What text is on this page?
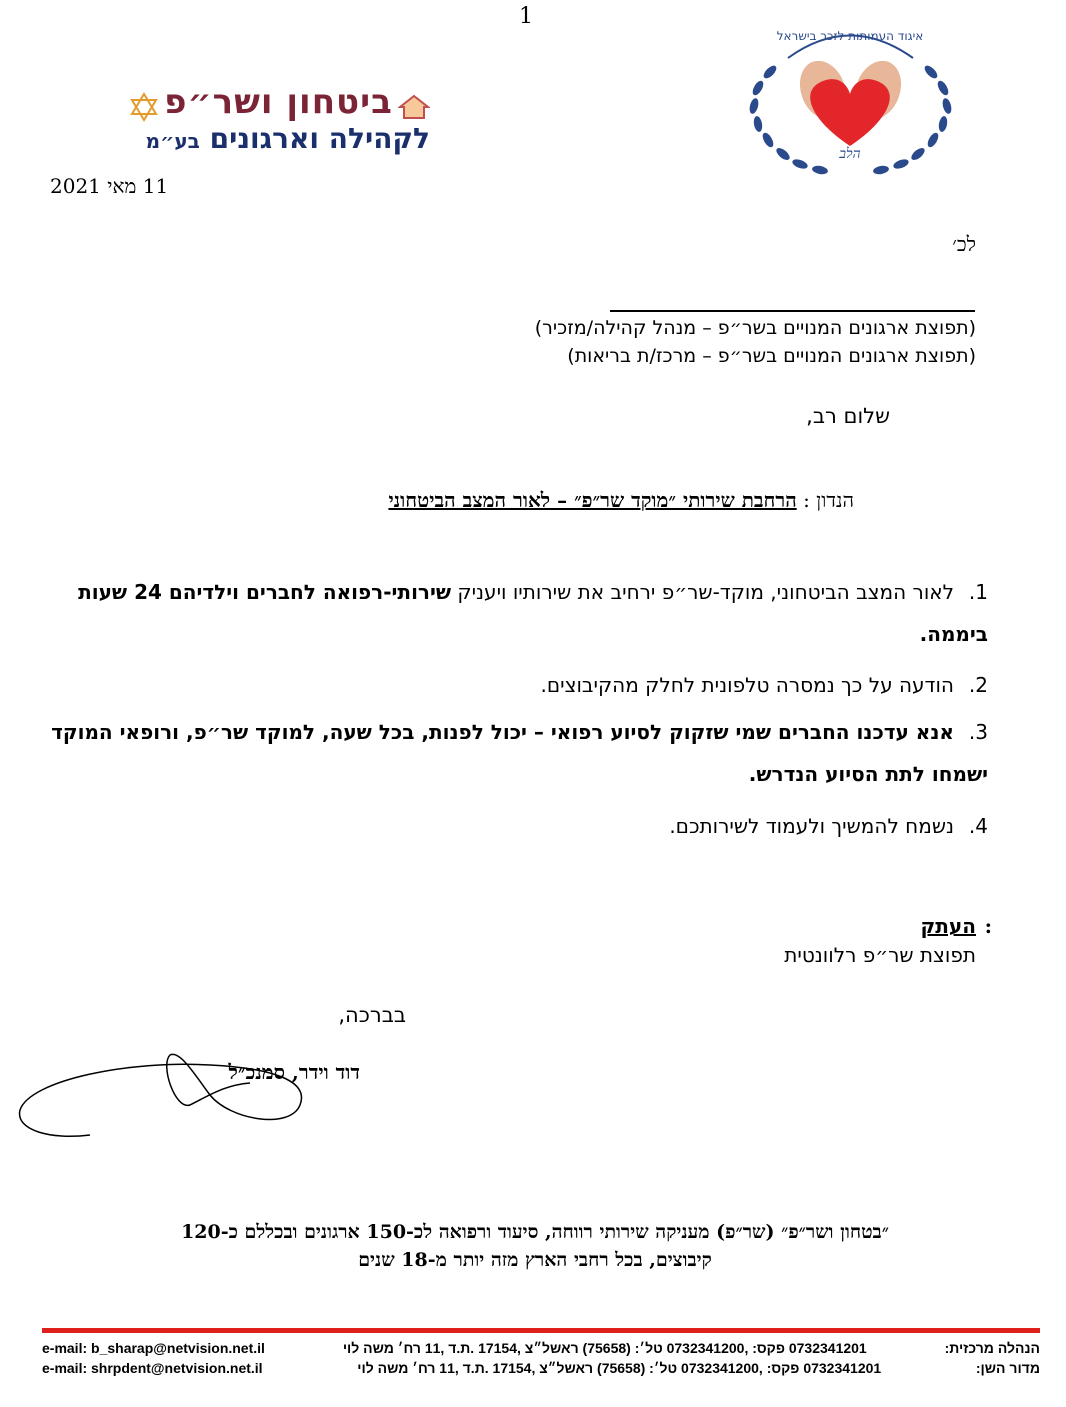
1
איגוד העמותות לזכר בישראל
הלב
ביטחון ושר״פ
לקהילה וארגונים בע״מ
11 מאי 2021
לכ׳
(תפוצת ארגונים המנויים בשר״פ – מנהל קהילה/מזכיר)
(תפוצת ארגונים המנויים בשר״פ – מרכז/ת בריאות)
שלום רב,
הנדון : הרחבת שירותי ״מוקד שר״פ״ – לאור המצב הביטחוני
1.לאור המצב הביטחוני, מוקד-שר״פ ירחיב את שירותיו ויעניק שירותי-רפואה לחברים וילדיהם 24 שעות ביממה.
2.הודעה על כך נמסרה טלפונית לחלק מהקיבוצים.
3.אנא עדכנו החברים שמי שזקוק לסיוע רפואי – יכול לפנות, בכל שעה, למוקד שר״פ, ורופאי המוקד ישמחו לתת הסיוע הנדרש.
4.נשמח להמשיך ולעמוד לשירותכם.
העתק :
תפוצת שר״פ רלוונטית
בברכה,
דוד וידר, סמנכ״ל
״בטחון ושר״פ״ (שר״פ) מעניקה שירותי רווחה, סיעוד ורפואה לכ-150 ארגונים ובכללם כ-120
קיבוצים, בכל רחבי הארץ מזה יותר מ-18 שנים
e-mail: b_sharap@netvision.net.il	0732341201 פקס: ,0732341200 טל׳: (75658) ראשל״צ ,17154 .ת.ד ,11 רח׳ משה לוי	הנהלה מרכזית:
e-mail: shrpdent@netvision.net.il	0732341201 פקס: ,0732341200 טל׳: (75658) ראשל״צ ,17154 .ת.ד ,11 רח׳ משה לוי	מדור השן:
